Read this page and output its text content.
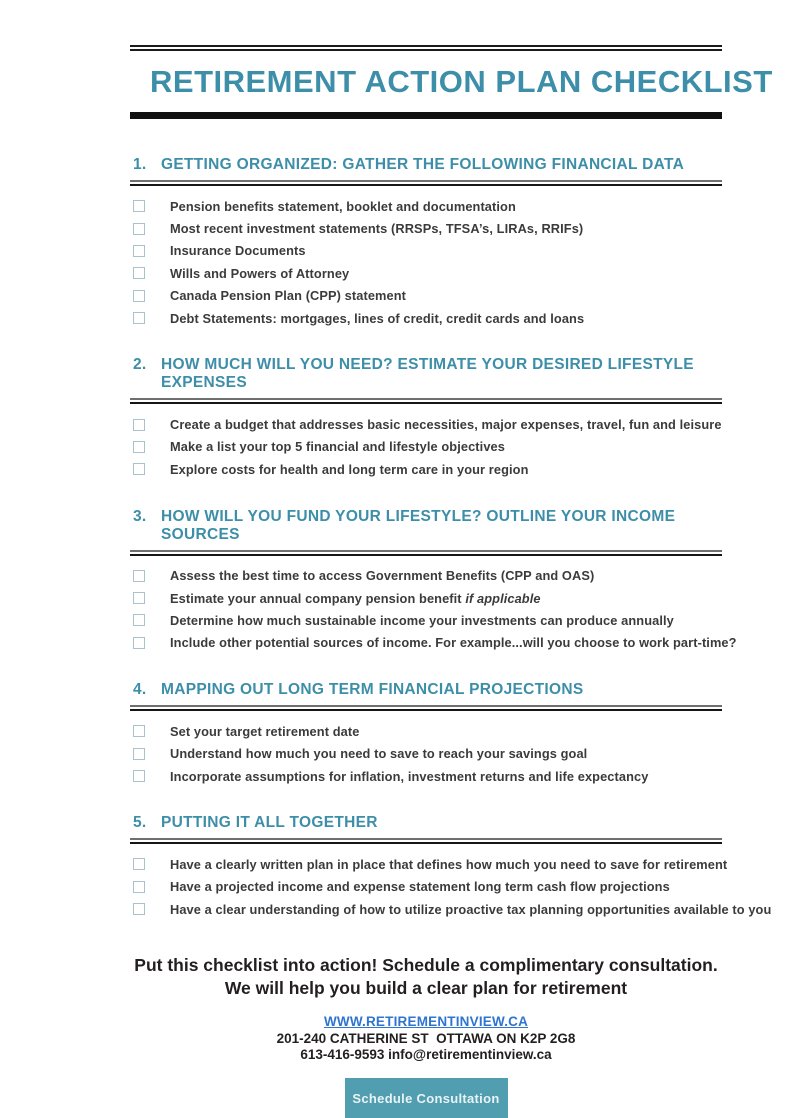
RETIREMENT ACTION PLAN CHECKLIST
1. GETTING ORGANIZED: GATHER THE FOLLOWING FINANCIAL DATA
Pension benefits statement, booklet and documentation
Most recent investment statements (RRSPs, TFSA’s, LIRAs, RRIFs)
Insurance Documents
Wills and Powers of Attorney
Canada Pension Plan (CPP) statement
Debt Statements: mortgages, lines of credit, credit cards and loans
2. HOW MUCH WILL YOU NEED? ESTIMATE YOUR DESIRED LIFESTYLE EXPENSES
Create a budget that addresses basic necessities, major expenses, travel, fun and leisure
Make a list your top 5 financial and lifestyle objectives
Explore costs for health and long term care in your region
3. HOW WILL YOU FUND YOUR LIFESTYLE? OUTLINE YOUR INCOME SOURCES
Assess the best time to access Government Benefits (CPP and OAS)
Estimate your annual company pension benefit if applicable
Determine how much sustainable income your investments can produce annually
Include other potential sources of income. For example...will you choose to work part-time?
4. MAPPING OUT LONG TERM FINANCIAL PROJECTIONS
Set your target retirement date
Understand how much you need to save to reach your savings goal
Incorporate assumptions for inflation, investment returns and life expectancy
5. PUTTING IT ALL TOGETHER
Have a clearly written plan in place that defines how much you need to save for retirement
Have a projected income and expense statement long term cash flow projections
Have a clear understanding of how to utilize proactive tax planning opportunities available to you

Put this checklist into action! Schedule a complimentary consultation.

We will help you build a clear plan for retirement

WWW.RETIREMENTINVIEW.CA

201-240 CATHERINE ST  OTTAWA ON K2P 2G8

613-416-9593 info@retirementinview.ca

Schedule Consultation
